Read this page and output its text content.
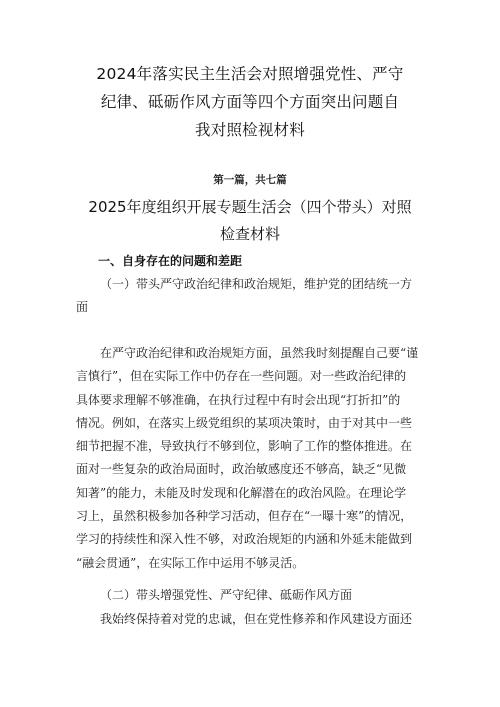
2024年落实民主生活会对照增强党性、严守
纪律、砥砺作风方面等四个方面突出问题自
我对照检视材料
第一篇，共七篇
2025年度组织开展专题生活会（四个带头）对照
检查材料
一、自身存在的问题和差距
（一）带头严守政治纪律和政治规矩，维护党的团结统一方
面
在严守政治纪律和政治规矩方面，虽然我时刻提醒自己要“谨
言慎行”，但在实际工作中仍存在一些问题。对一些政治纪律的
具体要求理解不够准确，在执行过程中有时会出现“打折扣”的
情况。例如，在落实上级党组织的某项决策时，由于对其中一些
细节把握不准，导致执行不够到位，影响了工作的整体推进。在
面对一些复杂的政治局面时，政治敏感度还不够高，缺乏“见微
知著”的能力，未能及时发现和化解潜在的政治风险。在理论学
习上，虽然积极参加各种学习活动，但存在“一曝十寒”的情况，
学习的持续性和深入性不够，对政治规矩的内涵和外延未能做到
“融会贯通”，在实际工作中运用不够灵活。
（二）带头增强党性、严守纪律、砥砺作风方面
我始终保持着对党的忠诚，但在党性修养和作风建设方面还
